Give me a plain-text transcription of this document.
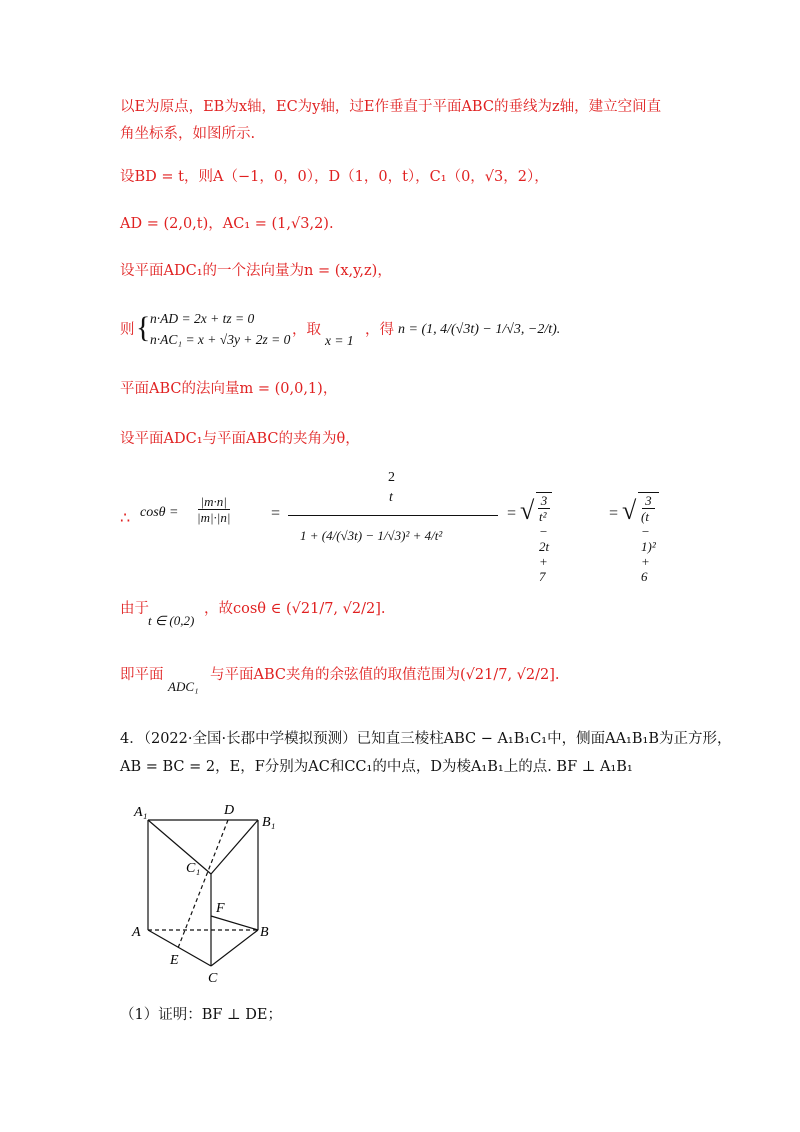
以E为原点，EB为x轴，EC为y轴，过E作垂直于平面ABC的垂线为z轴，建立空间直
角坐标系，如图所示.
设BD = t，则A（−1，0，0），D（1，0，t），C₁（0，√3，2），
AD = (2,0,t)，AC₁ = (1,√3,2).
设平面ADC₁的一个法向量为n = (x,y,z)，
则 { n·AD = 2x + tz = 0
n·AC₁ = x + √3y + 2z = 0
，取
x = 1
，得 n = (1, 4/(√3t) − 1/√3, −2/t).
平面ABC的法向量m = (0,0,1)，
设平面ADC₁与平面ABC的夹角为θ，
∴ $\cos\theta = \frac{|m\cdot n|}{|m|\cdot|n|}$ =
2
t
1 + (4/(√3t) − 1/√3)² + 4/t²
= √ $\frac{3}{\text{t² − 2t + 7}}$	= √ $\frac{3}{\text{(t − 1)² + 6}}$
由于
t ∈ (0,2)
，故cosθ ∈ (√21/7, √2/2].
即平面
ADC₁
与平面ABC夹角的余弦值的取值范围为(√21/7, √2/2].
4．（2022·全国·长郡中学模拟预测）已知直三棱柱ABC − A₁B₁C₁中，侧面AA₁B₁B为正方形，
AB = BC = 2，E，F分别为AC和CC₁的中点，D为棱A₁B₁上的点. BF ⊥ A₁B₁
A₁	D
B₁
C₁
F
A	B
E
C
（1）证明：BF ⊥ DE；
